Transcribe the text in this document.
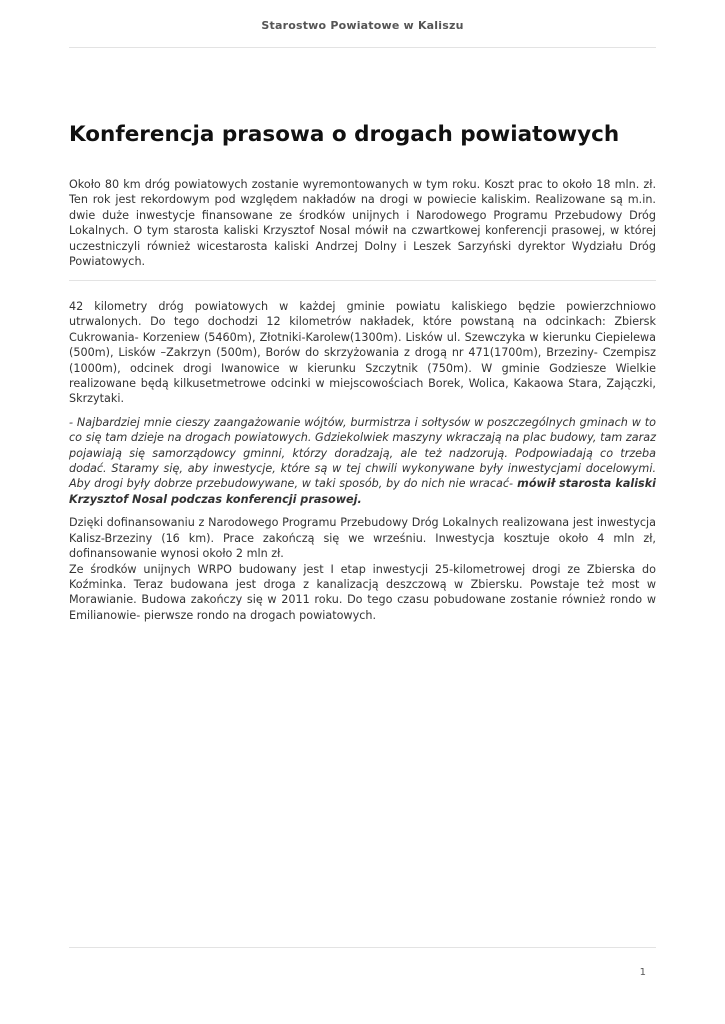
Starostwo Powiatowe w Kaliszu
Konferencja prasowa o drogach powiatowych

Około 80 km dróg powiatowych zostanie wyremontowanych w tym roku. Koszt prac to około 18 mln. zł. Ten rok jest rekordowym pod względem nakładów na drogi w powiecie kaliskim. Realizowane są m.in. dwie duże inwestycje finansowane ze środków unijnych i Narodowego Programu Przebudowy Dróg Lokalnych. O tym starosta kaliski Krzysztof Nosal mówił na czwartkowej konferencji prasowej, w której uczestniczyli również wicestarosta kaliski Andrzej Dolny i Leszek Sarzyński dyrektor Wydziału Dróg Powiatowych.

42 kilometry dróg powiatowych w każdej gminie powiatu kaliskiego będzie powierzchniowo utrwalonych. Do tego dochodzi 12 kilometrów nakładek, które powstaną na odcinkach: Zbiersk Cukrowania- Korzeniew (5460m), Złotniki-Karolew(1300m). Lisków ul. Szewczyka w kierunku Ciepielewa (500m), Lisków –Zakrzyn (500m), Borów do skrzyżowania z drogą nr 471(1700m), Brzeziny- Czempisz (1000m), odcinek drogi Iwanowice w kierunku Szczytnik (750m). W gminie Godziesze Wielkie realizowane będą kilkusetmetrowe odcinki w miejscowościach Borek, Wolica, Kakaowa Stara, Zajączki, Skrzytaki.

- Najbardziej mnie cieszy zaangażowanie wójtów, burmistrza i sołtysów w poszczególnych gminach w to co się tam dzieje na drogach powiatowych. Gdziekolwiek maszyny wkraczają na plac budowy, tam zaraz pojawiają się samorządowcy gminni, którzy doradzają, ale też nadzorują. Podpowiadają co trzeba dodać. Staramy się, aby inwestycje, które są w tej chwili wykonywane były inwestycjami docelowymi. Aby drogi były dobrze przebudowywane, w taki sposób, by do nich nie wracać- mówił starosta kaliski Krzysztof Nosal podczas konferencji prasowej.

Dzięki dofinansowaniu z Narodowego Programu Przebudowy Dróg Lokalnych realizowana jest inwestycja Kalisz-Brzeziny (16 km). Prace zakończą się we wrześniu. Inwestycja kosztuje około 4 mln zł, dofinansowanie wynosi około 2 mln zł.

Ze środków unijnych WRPO budowany jest I etap inwestycji 25-kilometrowej drogi ze Zbierska do Koźminka. Teraz budowana jest droga z kanalizacją deszczową w Zbiersku. Powstaje też most w Morawianie. Budowa zakończy się w 2011 roku. Do tego czasu pobudowane zostanie również rondo w Emilianowie- pierwsze rondo na drogach powiatowych.

1
